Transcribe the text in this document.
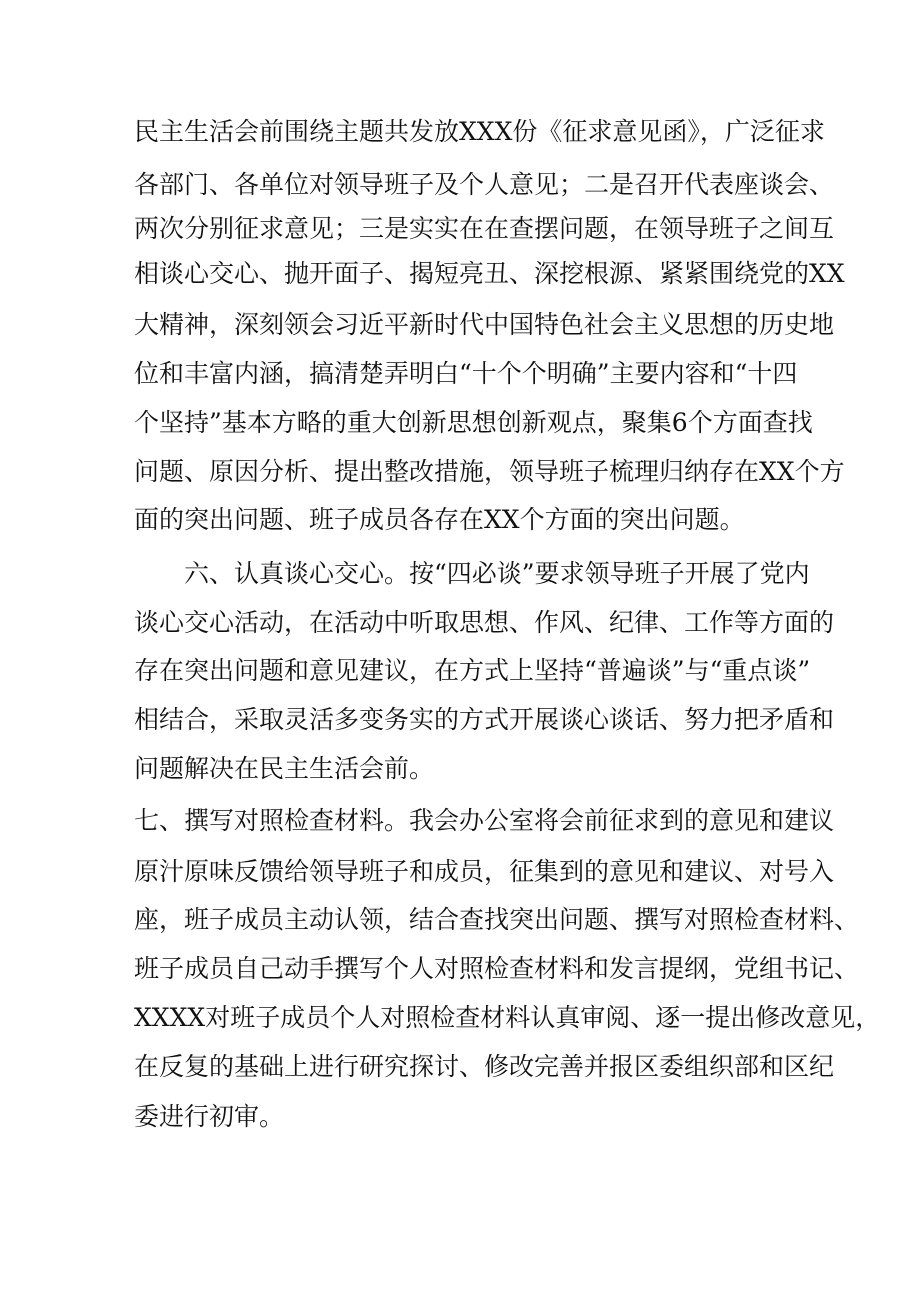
民主生活会前围绕主题共发放XXX份《征求意见函》，广泛征求
各部门、各单位对领导班子及个人意见；二是召开代表座谈会、
两次分别征求意见；三是实实在在查摆问题，在领导班子之间互
相谈心交心、抛开面子、揭短亮丑、深挖根源、紧紧围绕党的XX
大精神，深刻领会习近平新时代中国特色社会主义思想的历史地
位和丰富内涵，搞清楚弄明白“十个个明确”主要内容和“十四
个坚持”基本方略的重大创新思想创新观点，聚集6个方面查找
问题、原因分析、提出整改措施，领导班子梳理归纳存在XX个方
面的突出问题、班子成员各存在XX个方面的突出问题。
六、认真谈心交心。按“四必谈”要求领导班子开展了党内
谈心交心活动，在活动中听取思想、作风、纪律、工作等方面的
存在突出问题和意见建议，在方式上坚持“普遍谈”与“重点谈”
相结合，采取灵活多变务实的方式开展谈心谈话、努力把矛盾和
问题解决在民主生活会前。
七、撰写对照检查材料。我会办公室将会前征求到的意见和建议
原汁原味反馈给领导班子和成员，征集到的意见和建议、对号入
座，班子成员主动认领，结合查找突出问题、撰写对照检查材料、
班子成员自己动手撰写个人对照检查材料和发言提纲，党组书记、
XXXX对班子成员个人对照检查材料认真审阅、逐一提出修改意见，
在反复的基础上进行研究探讨、修改完善并报区委组织部和区纪
委进行初审。
